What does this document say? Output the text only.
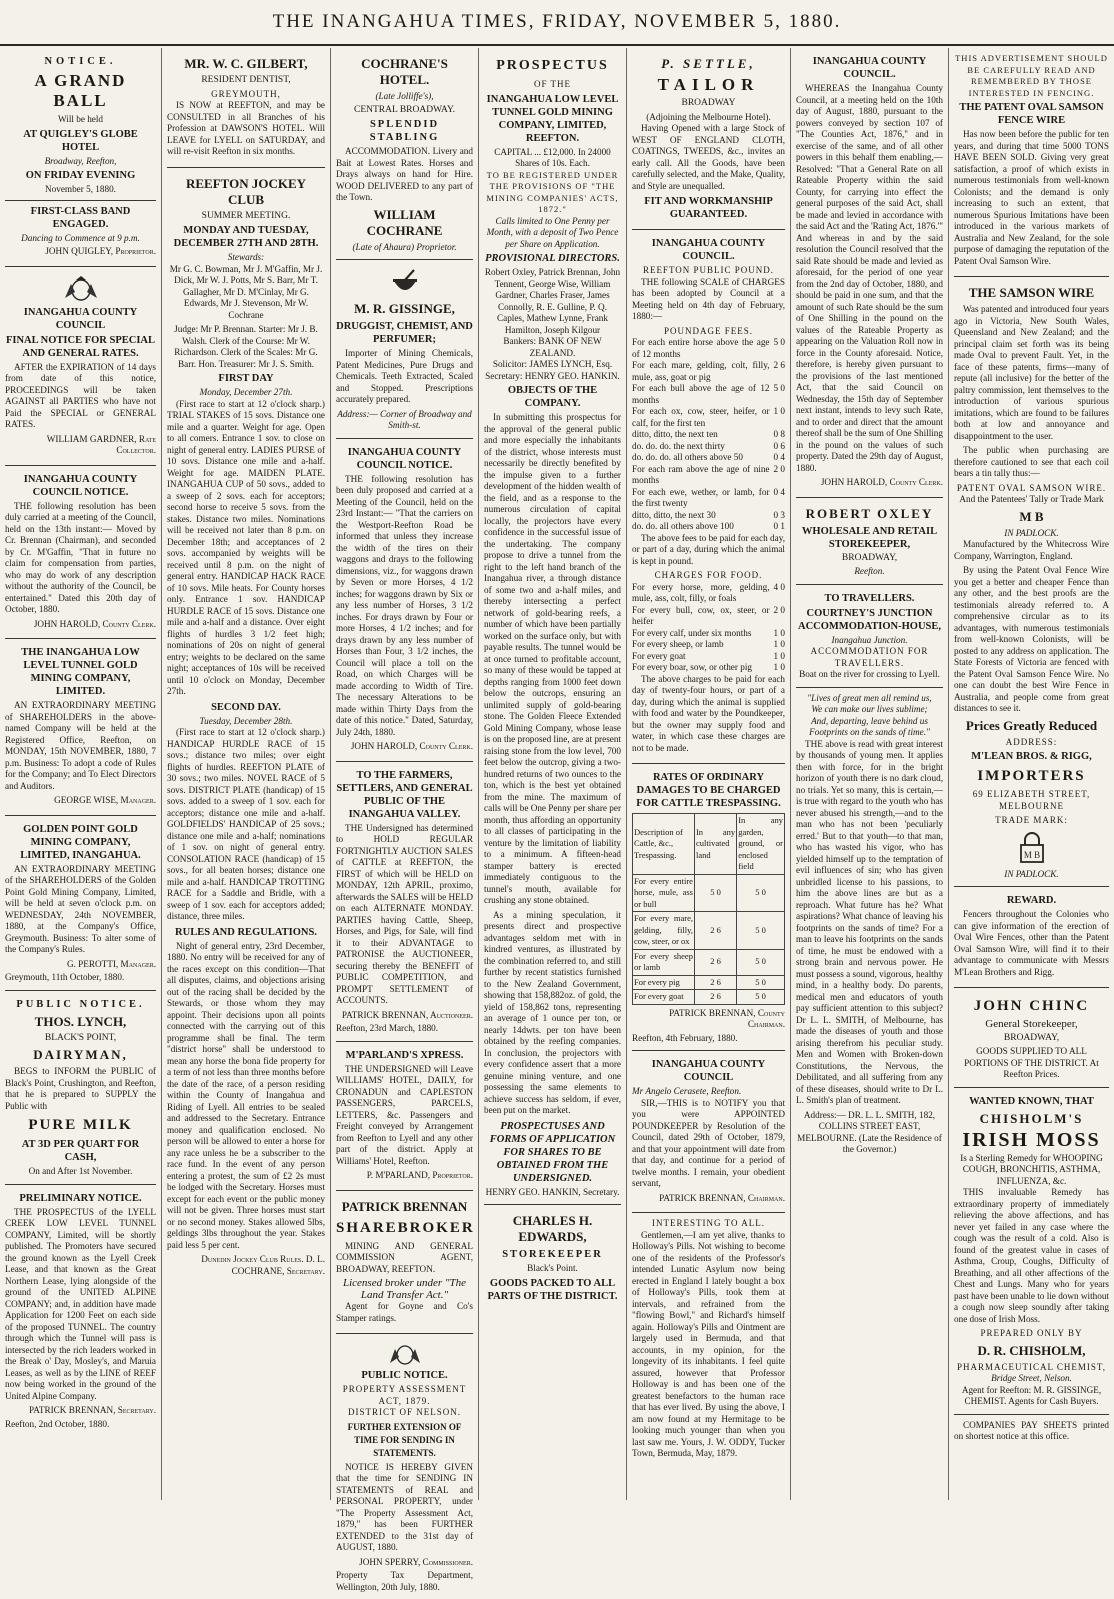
THE INANGAHUA TIMES, FRIDAY, NOVEMBER 5, 1880.
NOTICE.
A GRAND BALL
Will be held
AT QUIGLEY'S GLOBE HOTEL
Broadway, Reefton,
ON FRIDAY EVENING
November 5, 1880.
FIRST-CLASS BAND ENGAGED.
Dancing to Commence at 9 p.m.
JOHN QUIGLEY, Proprietor.
INANGAHUA COUNTY COUNCIL
FINAL NOTICE FOR SPECIAL AND GENERAL RATES.

AFTER the EXPIRATION of 14 days from date of this notice, PROCEEDINGS will be taken AGAINST all PARTIES who have not Paid the SPECIAL or GENERAL RATES.

WILLIAM GARDNER, Rate Collector.
INANGAHUA COUNTY COUNCIL NOTICE.

THE following resolution has been duly carried at a meeting of the Council, held on the 13th instant:— Moved by Cr. Brennan (Chairman), and seconded by Cr. M'Gaffin, "That in future no claim for compensation from parties, who may do work of any description without the authority of the Council, be entertained." Dated this 20th day of October, 1880.

JOHN HAROLD, County Clerk.
THE INANGAHUA LOW LEVEL TUNNEL GOLD MINING COMPANY, LIMITED.

AN EXTRAORDINARY MEETING of SHAREHOLDERS in the above-named Company will be held at the Registered Office, Reefton, on MONDAY, 15th NOVEMBER, 1880, 7 p.m. Business: To adopt a code of Rules for the Company; and To Elect Directors and Auditors.

GEORGE WISE, Manager.
GOLDEN POINT GOLD MINING COMPANY, LIMITED, INANGAHUA.

AN EXTRAORDINARY MEETING of the SHAREHOLDERS of the Golden Point Gold Mining Company, Limited, will be held at seven o'clock p.m. on WEDNESDAY, 24th NOVEMBER, 1880, at the Company's Office, Greymouth. Business: To alter some of the Company's Rules.

G. PEROTTI, Manager.
Greymouth, 11th October, 1880.
PUBLIC NOTICE.
THOS. LYNCH,
BLACK'S POINT,
DAIRYMAN,

BEGS to INFORM the PUBLIC of Black's Point, Crushington, and Reefton, that he is prepared to SUPPLY the Public with

PURE MILK
AT 3D PER QUART FOR CASH,
On and After 1st November.
PRELIMINARY NOTICE.

THE PROSPECTUS of the LYELL CREEK LOW LEVEL TUNNEL COMPANY, Limited, will be shortly published. The Promoters have secured the ground known as the Lyell Creek Lease, and that known as the Great Northern Lease, lying alongside of the ground of the UNITED ALPINE COMPANY; and, in addition have made Application for 1200 Feet on each side of the proposed TUNNEL. The country through which the Tunnel will pass is intersected by the rich leaders worked in the Break o' Day, Mosley's, and Maruia Leases, as well as by the LINE of REEF now being worked in the ground of the United Alpine Company.

PATRICK BRENNAN, Secretary.
Reefton, 2nd October, 1880.
MR. W. C. GILBERT,
RESIDENT DENTIST,
GREYMOUTH,

IS NOW at REEFTON, and may be CONSULTED in all Branches of his Profession at DAWSON'S HOTEL. Will LEAVE for LYELL on SATURDAY, and will re-visit Reefton in six months.

REEFTON JOCKEY CLUB
SUMMER MEETING.
MONDAY AND TUESDAY, DECEMBER 27TH AND 28TH.
Stewards:
Mr G. C. Bowman, Mr J. M'Gaffin, Mr J. Dick, Mr W. J. Potts, Mr S. Barr, Mr T. Gallagher, Mr D. M'Cinlay, Mr G. Edwards, Mr J. Stevenson, Mr W. Cochrane
Judge: Mr P. Brennan. Starter: Mr J. B. Walsh. Clerk of the Course: Mr W. Richardson. Clerk of the Scales: Mr G. Barr. Hon. Treasurer: Mr J. S. Smith.
FIRST DAY
Monday, December 27th.

(First race to start at 12 o'clock sharp.) TRIAL STAKES of 15 sovs. Distance one mile and a quarter. Weight for age. Open to all comers. Entrance 1 sov. to close on night of general entry. LADIES PURSE of 10 sovs. Distance one mile and a-half. Weight for age. MAIDEN PLATE. INANGAHUA CUP of 50 sovs., added to a sweep of 2 sovs. each for acceptors; second horse to receive 5 sovs. from the stakes. Distance two miles. Nominations will be received not later than 8 p.m. on December 18th; and acceptances of 2 sovs. accompanied by weights will be received until 8 p.m. on the night of general entry. HANDICAP HACK RACE of 10 sovs. Mile heats. For County horses only. Entrance 1 sov. HANDICAP HURDLE RACE of 15 sovs. Distance one mile and a-half and a distance. Over eight flights of hurdles 3 1/2 feet high; nominations of 20s on night of general entry; weights to be declared on the same night; acceptances of 10s will be received until 10 o'clock on Monday, December 27th.

SECOND DAY.
Tuesday, December 28th.

(First race to start at 12 o'clock sharp.) HANDICAP HURDLE RACE of 15 sovs.; distance two miles; over eight flights of hurdles. REEFTON PLATE of 30 sovs.; two miles. NOVEL RACE of 5 sovs. DISTRICT PLATE (handicap) of 15 sovs. added to a sweep of 1 sov. each for acceptors; distance one mile and a-half. GOLDFIELDS' HANDICAP of 25 sovs.; distance one mile and a-half; nominations of 1 sov. on night of general entry. CONSOLATION RACE (handicap) of 15 sovs., for all beaten horses; distance one mile and a-half. HANDICAP TROTTING RACE for a Saddle and Bridle, with a sweep of 1 sov. each for acceptors added; distance, three miles.

RULES AND REGULATIONS.

Night of general entry, 23rd December, 1880. No entry will be received for any of the races except on this condition—That all disputes, claims, and objections arising out of the racing shall be decided by the Stewards, or those whom they may appoint. Their decisions upon all points connected with the carrying out of this programme shall be final. The term "district horse" shall be understood to mean any horse the bona fide property for a term of not less than three months before the date of the race, of a person residing within the County of Inangahua and Riding of Lyell. All entries to be sealed and addressed to the Secretary. Entrance money and qualification enclosed. No person will be allowed to enter a horse for any race unless he be a subscriber to the race fund. In the event of any person entering a protest, the sum of £2 2s must be lodged with the Secretary. Horses must except for each event or the public money will not be given. Three horses must start or no second money. Stakes allowed 5lbs, geldings 3lbs throughout the year. Stakes paid less 5 per cent.

Dunedin Jockey Club Rules. D. L. COCHRANE, Secretary.
COCHRANE'S HOTEL.
(Late Jolliffe's),
CENTRAL BROADWAY.
SPLENDID STABLING

ACCOMMODATION. Livery and Bait at Lowest Rates. Horses and Drays always on hand for Hire. WOOD DELIVERED to any part of the Town.

WILLIAM COCHRANE
(Late of Ahaura) Proprietor.
M. R. GISSINGE,
DRUGGIST, CHEMIST, AND PERFUMER;

Importer of Mining Chemicals, Patent Medicines, Pure Drugs and Chemicals. Teeth Extracted, Scaled and Stopped. Prescriptions accurately prepared.

Address:— Corner of Broadway and Smith-st.
INANGAHUA COUNTY COUNCIL NOTICE.

THE following resolution has been duly proposed and carried at a Meeting of the Council, held on the 23rd Instant:— "That the carriers on the Westport-Reefton Road be informed that unless they increase the width of the tires on their waggons and drays to the following dimensions, viz., for waggons drawn by Seven or more Horses, 4 1/2 inches; for waggons drawn by Six or any less number of Horses, 3 1/2 inches. For drays drawn by Four or more Horses, 4 1/2 inches; and for drays drawn by any less number of Horses than Four, 3 1/2 inches, the Council will place a toll on the Road, on which Charges will be made according to Width of Tire. The necessary Alterations to be made within Thirty Days from the date of this notice." Dated, Saturday, July 24th, 1880.

JOHN HAROLD, County Clerk.
TO THE FARMERS, SETTLERS, AND GENERAL PUBLIC OF THE INANGAHUA VALLEY.

THE Undersigned has determined to HOLD REGULAR FORTNIGHTLY AUCTION SALES of CATTLE at REEFTON, the FIRST of which will be HELD on MONDAY, 12th APRIL, proximo, afterwards the SALES will be HELD on each ALTERNATE MONDAY. PARTIES having Cattle, Sheep, Horses, and Pigs, for Sale, will find it to their ADVANTAGE to PATRONISE the AUCTIONEER, securing thereby the BENEFIT of PUBLIC COMPETITION, and PROMPT SETTLEMENT of ACCOUNTS.

PATRICK BRENNAN, Auctioneer.
Reefton, 23rd March, 1880.
M'PARLAND'S XPRESS.

THE UNDERSIGNED will Leave WILLIAMS' HOTEL, DAILY, for CRONADUN and CAPLESTON PASSENGERS, PARCELS, LETTERS, &c. Passengers and Freight conveyed by Arrangement from Reefton to Lyell and any other part of the district. Apply at Williams' Hotel, Reefton.

P. M'PARLAND, Proprietor.
PATRICK BRENNAN
SHAREBROKER

MINING AND GENERAL COMMISSION AGENT, BROADWAY, REEFTON.

Licensed broker under "The Land Transfer Act."

Agent for Goyne and Co's Stamper ratings.

PUBLIC NOTICE.
PROPERTY ASSESSMENT ACT, 1879.
DISTRICT OF NELSON.
FURTHER EXTENSION OF TIME FOR SENDING IN STATEMENTS.

NOTICE IS HEREBY GIVEN that the time for SENDING IN STATEMENTS of REAL and PERSONAL PROPERTY, under "The Property Assessment Act, 1879," has been FURTHER EXTENDED to the 31st day of AUGUST, 1880.

JOHN SPERRY, Commissioner.
Property Tax Department, Wellington, 20th July, 1880.
PROSPECTUS
OF THE
INANGAHUA LOW LEVEL TUNNEL GOLD MINING COMPANY, LIMITED, REEFTON.
CAPITAL ... £12,000. In 24000 Shares of 10s. Each.
TO BE REGISTERED UNDER THE PROVISIONS OF "THE MINING COMPANIES' ACTS, 1872."
Calls limited to One Penny per Month, with a deposit of Two Pence per Share on Application.
PROVISIONAL DIRECTORS.
Robert Oxley, Patrick Brennan, John Tennent, George Wise, William Gardner, Charles Fraser, James Connolly, R. E. Gulline, P. Q. Caples, Mathew Lynne, Frank Hamilton, Joseph Kilgour
Bankers: BANK OF NEW ZEALAND.
Solicitor: JAMES LYNCH, Esq.
Secretary: HENRY GEO. HANKIN.
OBJECTS OF THE COMPANY.

In submitting this prospectus for the approval of the general public and more especially the inhabitants of the district, whose interests must necessarily be directly benefited by the impulse given to a further development of the hidden wealth of the field, and as a response to the numerous circulation of capital locally, the projectors have every confidence in the successful issue of the undertaking. The company propose to drive a tunnel from the right to the left hand branch of the Inangahua river, a through distance of some two and a-half miles, and thereby intersecting a perfect network of gold-bearing reefs, a number of which have been partially worked on the surface only, but with payable results. The tunnel would be at once turned to profitable account, so many of these would be tapped at depths ranging from 1000 feet down below the outcrops, ensuring an unlimited supply of gold-bearing stone. The Golden Fleece Extended Gold Mining Company, whose lease is on the proposed line, are at present raising stone from the low level, 700 feet below the outcrop, giving a two-hundred returns of two ounces to the ton, which is the best yet obtained from the mine. The maximum of calls will be One Penny per share per month, thus affording an opportunity to all classes of participating in the venture by the limitation of liability to a minimum. A fifteen-head stamper battery is erected immediately contiguous to the tunnel's mouth, available for crushing any stone obtained.

As a mining speculation, it presents direct and prospective advantages seldom met with in kindred ventures, as illustrated by the combination referred to, and still further by recent statistics furnished to the New Zealand Government, showing that 158,882oz. of gold, the yield of 158,862 tons, representing an average of 1 ounce per ton, or nearly 14dwts. per ton have been obtained by the reefing companies. In conclusion, the projectors with every confidence assert that a more genuine mining venture, and one possessing the same elements to achieve success has seldom, if ever, been put on the market.

PROSPECTUSES AND FORMS OF APPLICATION FOR SHARES TO BE OBTAINED FROM THE UNDERSIGNED.
HENRY GEO. HANKIN, Secretary.
CHARLES H. EDWARDS,
STOREKEEPER
Black's Point.
GOODS PACKED TO ALL PARTS OF THE DISTRICT.
P. SETTLE,
TAILOR
BROADWAY
(Adjoining the Melbourne Hotel).

Having Opened with a large Stock of WEST OF ENGLAND CLOTH, COATINGS, TWEEDS, &c., invites an early call. All the Goods, have been carefully selected, and the Make, Quality, and Style are unequalled.

FIT AND WORKMANSHIP GUARANTEED.
INANGAHUA COUNTY COUNCIL.
REEFTON PUBLIC POUND.

THE following SCALE of CHARGES has been adopted by Council at a Meeting held on 4th day of February, 1880:—

POUNDAGE FEES.
For each entire horse above the age of 12 months
5 0
For each mare, gelding, colt, filly, mule, ass, goat or pig
2 6
For each bull above the age of 12 months
5 0
For each ox, cow, steer, heifer, or calf, for the first ten
1 0
ditto, ditto, the next ten	0 8
do. do. do. the next thirty	0 6
do. do. do. all others above 50	0 4
For each ram above the age of nine months
2 0
For each ewe, wether, or lamb, for the first twenty
0 4
ditto, ditto, the next 30	0 3
do. do. all others above 100	0 1

The above fees to be paid for each day, or part of a day, during which the animal is kept in pound.

CHARGES FOR FOOD.
For every horse, more, gelding, mule, ass, colt, filly, or foals
4 0
For every bull, cow, ox, steer, or heifer
2 0
For every calf, under six months	1 0
For every sheep, or lamb	1 0
For every goat	1 0
For every boar, sow, or other pig	1 0

The above charges to be paid for each day of twenty-four hours, or part of a day, during which the animal is supplied with food and water by the Poundkeeper, but the owner may supply food and water, in which case these charges are not to be made.

RATES OF ORDINARY DAMAGES TO BE CHARGED FOR CATTLE TRESPASSING.
Description of Cattle, &c., Trespassing.	In any cultivated land	In any garden, ground, or enclosed field
For every entire horse, mule, ass or bull	5 0	5 0
For every mare, gelding, filly, cow, steer, or ox	2 6	5 0
For every sheep or lamb	2 6	5 0
For every pig	2 6	5 0
For every goat	2 6	5 0
PATRICK BRENNAN, County Chairman.
Reefton, 4th February, 1880.
INANGAHUA COUNTY COUNCIL
Mr Angelo Cerasete, Reefton.

SIR,—THIS is to NOTIFY you that you were APPOINTED POUNDKEEPER by Resolution of the Council, dated 29th of October, 1879, and that your appointment will date from that day, and continue for a period of twelve months. I remain, your obedient servant,

PATRICK BRENNAN, Chairman.
INTERESTING TO ALL.

Gentlemen,—I am yet alive, thanks to Holloway's Pills. Not wishing to become one of the residents of the Professor's intended Lunatic Asylum now being erected in England I lately bought a box of Holloway's Pills, took them at intervals, and refrained from the "flowing Bowl," and Richard's himself again. Holloway's Pills and Ointment are largely used in Bermuda, and that accounts, in my opinion, for the longevity of its inhabitants. I feel quite assured, however that Professor Holloway is and has been one of the greatest benefactors to the human race that has ever lived. By using the above, I am now found at my Hermitage to be looking much younger than when you last saw me. Yours, J. W. ODDY, Tucker Town, Bermuda, May, 1879.

INANGAHUA COUNTY COUNCIL.

WHEREAS the Inangahua County Council, at a meeting held on the 10th day of August, 1880, pursuant to the powers conveyed by section 107 of "The Counties Act, 1876," and in exercise of the same, and of all other powers in this behalf them enabling,—Resolved: "That a General Rate on all Rateable Property within the said County, for carrying into effect the general purposes of the said Act, shall be made and levied in accordance with the said Act and the 'Rating Act, 1876.'" And whereas in and by the said resolution the Council resolved that the said Rate should be made and levied as aforesaid, for the period of one year from the 2nd day of October, 1880, and should be paid in one sum, and that the amount of such Rate should be the sum of One Shilling in the pound on the values of the Rateable Property as appearing on the Valuation Roll now in force in the County aforesaid. Notice, therefore, is hereby given pursuant to the provisions of the last mentioned Act, that the said Council on Wednesday, the 15th day of September next instant, intends to levy such Rate, and to order and direct that the amount thereof shall be the sum of One Shilling in the pound on the values of such property. Dated the 29th day of August, 1880.

JOHN HAROLD, County Clerk.
ROBERT OXLEY
WHOLESALE AND RETAIL STOREKEEPER,
BROADWAY,
Reefton.
TO TRAVELLERS.
COURTNEY'S JUNCTION ACCOMMODATION-HOUSE,
Inangahua Junction.
ACCOMMODATION FOR TRAVELLERS.
Boat on the river for crossing to Lyell.
"Lives of great men all remind us, We can make our lives sublime; And, departing, leave behind us Footprints on the sands of time."

THE above is read with great interest by thousands of young men. It applies then with force, for in the bright horizon of youth there is no dark cloud, no trials. Yet so many, this is certain,—is true with regard to the youth who has never abused his strength,—and to the man who has not been 'peculiarly erred.' But to that youth—to that man, who has wasted his vigor, who has yielded himself up to the temptation of evil influences of sin; who has given unbridled license to his passions, to him the above lines are but as a reproach. What future has he? What aspirations? What chance of leaving his footprints on the sands of time? For a man to leave his footprints on the sands of time, he must be endowed with a strong brain and nervous power. He must possess a sound, vigorous, healthy mind, in a healthy body. Do parents, medical men and educators of youth pay sufficient attention to this subject? Dr L. L. SMITH, of Melbourne, has made the diseases of youth and those arising therefrom his peculiar study. Men and Women with Broken-down Constitutions, the Nervous, the Debilitated, and all suffering from any of these diseases, should write to Dr L. L. Smith's plan of treatment.

Address:— DR. L. L. SMITH, 182, COLLINS STREET EAST, MELBOURNE. (Late the Residence of the Governor.)
THIS ADVERTISEMENT SHOULD BE CAREFULLY READ AND REMEMBERED BY THOSE INTERESTED IN FENCING.
THE PATENT OVAL SAMSON FENCE WIRE

Has now been before the public for ten years, and during that time 5000 TONS HAVE BEEN SOLD. Giving very great satisfaction, a proof of which exists in numerous testimonials from well-known Colonists; and the demand is only increasing to such an extent, that numerous Spurious Imitations have been introduced in the various markets of Australia and New Zealand, for the sole purpose of damaging the reputation of the Patent Oval Samson Wire.

THE SAMSON WIRE

Was patented and introduced four years ago in Victoria, New South Wales, Queensland and New Zealand; and the principal claim set forth was its being made Oval to prevent Fault. Yet, in the face of these patents, firms—many of repute (all inclusive) for the better of the paltry commission, lent themselves to the introduction of various spurious imitations, which are found to be failures both at low and annoyance and disappointment to the user.

The public when purchasing are therefore cautioned to see that each coil bears a tin tally thus:—

PATENT OVAL SAMSON WIRE.
And the Patentees' Tally or Trade Mark
M B
IN PADLOCK.

Manufactured by the Whitecross Wire Company, Warrington, England.

By using the Patent Oval Fence Wire you get a better and cheaper Fence than any other, and the best proofs are the testimonials already referred to. A comprehensive circular as to its advantages, with numerous testimonials from well-known Colonists, will be posted to any address on application. The State Forests of Victoria are fenced with the Patent Oval Samson Fence Wire. No one can doubt the best Wire Fence in Australia, and people come from great distances to see it.

Prices Greatly Reduced
ADDRESS:
M'LEAN BROS. & RIGG,
IMPORTERS
69 ELIZABETH STREET, MELBOURNE
TRADE MARK:
M B
IN PADLOCK.
REWARD.

Fencers throughout the Colonies who can give information of the erection of Oval Wire Fences, other than the Patent Oval Samson Wire, will find it to their advantage to communicate with Messrs M'Lean Brothers and Rigg.

JOHN CHINC
General Storekeeper,
BROADWAY,
GOODS SUPPLIED TO ALL PORTIONS OF THE DISTRICT. At Reefton Prices.
WANTED KNOWN, THAT
CHISHOLM'S
IRISH MOSS
Is a Sterling Remedy for WHOOPING COUGH, BRONCHITIS, ASTHMA, INFLUENZA, &c.

THIS invaluable Remedy has extraordinary property of immediately relieving the above affections, and has never yet failed in any case where the cough was the result of a cold. Also is found of the greatest value in cases of Asthma, Croup, Coughs, Difficulty of Breathing, and all other affections of the Chest and Lungs. Many who for years past have been unable to lie down without a cough now sleep soundly after taking one dose of Irish Moss.

PREPARED ONLY BY
D. R. CHISHOLM,
PHARMACEUTICAL CHEMIST,
Bridge Street, Nelson.
Agent for Reefton: M. R. GISSINGE, CHEMIST. Agents for Cash Buyers.

COMPANIES PAY SHEETS printed on shortest notice at this office.
